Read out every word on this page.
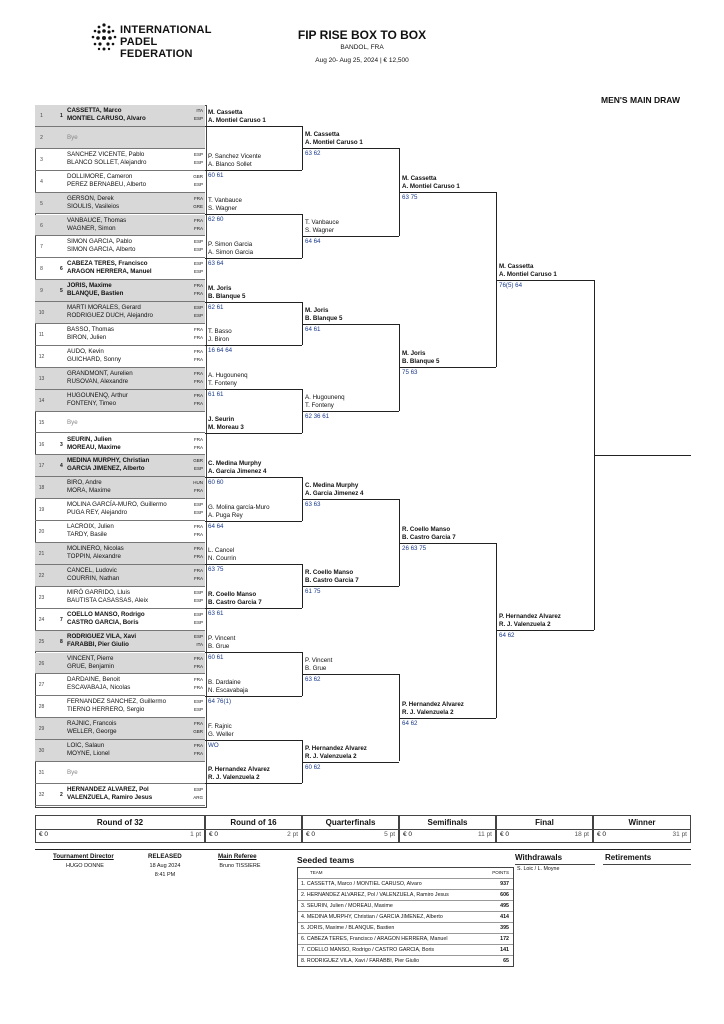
INTERNATIONAL
PADEL
FEDERATION
FIP RISE BOX TO BOX
BANDOL, FRA
Aug 20- Aug 25, 2024 | € 12,500
MEN'S MAIN DRAW
1	1
CASSETTA, Marco
MONTIEL CARUSO, Alvaro
ITA
ESP
2	Bye
3
SANCHEZ VICENTE, Pablo
BLANCO SOLLET, Alejandro
ESP
ESP
4
DOLLIMORE, Cameron
PEREZ BERNABEU, Alberto
GBR
ESP
5
GERSON, Derek
SIOULIS, Vasileios
FRA
GRE
6
VANBAUCE, Thomas
WAGNER, Simon
FRA
FRA
7
SIMON GARCIA, Pablo
SIMON GARCIA, Alberto
ESP
ESP
8	6
CABEZA TERES, Francisco
ARAGON HERRERA, Manuel
ESP
ESP
9	5
JORIS, Maxime
BLANQUE, Bastien
FRA
FRA
10
MARTI MORALES, Gerard
RODRIGUEZ DUCH, Alejandro
ESP
ESP
11
BASSO, Thomas
BIRON, Julien
FRA
FRA
12
AUDO, Kevin
GUICHARD, Sonny
FRA
FRA
13
GRANDMONT, Aurelien
RUSOVAN, Alexandre
FRA
FRA
14
HUGOUNENQ, Arthur
FONTENY, Timeo
FRA
FRA
15	Bye
16	3
SEURIN, Julien
MOREAU, Maxime
FRA
FRA
17	4
MEDINA MURPHY, Christian
GARCIA JIMENEZ, Alberto
GBR
ESP
18
BIRO, Andre
MORA, Maxime
HUN
FRA
19
MOLINA GARCÍA-MURO, Guillermo
PUGA REY, Alejandro
ESP
ESP
20
LACROIX, Julien
TARDY, Basile
FRA
FRA
21
MOLINERO, Nicolas
TOPPIN, Alexandre
FRA
FRA
22
CANCEL, Ludovic
COURRIN, Nathan
FRA
FRA
23
MIRÓ GARRIDO, Lluis
BAUTISTA CASASSAS, Aleix
ESP
ESP
24	7
COELLO MANSO, Rodrigo
CASTRO GARCIA, Boris
ESP
ESP
25	8
RODRIGUEZ VILA, Xavi
FARABBI, Pier Giulio
ESP
ITA
26
VINCENT, Pierre
GRUE, Benjamin
FRA
FRA
27
DARDAINE, Benoit
ESCAVABAJA, Nicolas
FRA
FRA
28
FERNANDEZ SANCHEZ, Guillermo
TIERNO HERRERO, Sergio
ESP
ESP
29
RAJNIC, Francois
WELLER, George
FRA
GBR
30
LOIC, Salaun
MOYNE, Lionel
FRA
FRA
31	Bye
32	2
HERNANDEZ ALVAREZ, Pol
VALENZUELA, Ramiro Jesus
ESP
ARG
M. Cassetta
A. Montiel Caruso 1
P. Sanchez Vicente
A. Blanco Sollet
60 61
T. Vanbauce
S. Wagner
62 60
P. Simon Garcia
A. Simon Garcia
63 64
M. Joris
B. Blanque 5
62 61
T. Basso
J. Biron
16 64 64
A. Hugounenq
T. Fonteny
61 61
J. Seurin
M. Moreau 3
C. Medina Murphy
A. Garcia Jimenez 4
60 60
G. Molina garcía-Muro
A. Puga Rey
64 64
L. Cancel
N. Courrin
63 75
R. Coello Manso
B. Castro Garcia 7
63 61
P. Vincent
B. Grue
60 61
B. Dardaine
N. Escavabaja
64 76(1)
F. Rajnic
G. Weller
WO
P. Hernandez Alvarez
R. J. Valenzuela 2
M. Cassetta
A. Montiel Caruso 1
63 62
T. Vanbauce
S. Wagner
64 64
M. Joris
B. Blanque 5
64 61
A. Hugounenq
T. Fonteny
62 36 61
C. Medina Murphy
A. Garcia Jimenez 4
63 63
R. Coello Manso
B. Castro Garcia 7
61 75
P. Vincent
B. Grue
63 62
P. Hernandez Alvarez
R. J. Valenzuela 2
60 62
M. Cassetta
A. Montiel Caruso 1
63 75
M. Joris
B. Blanque 5
75 63
R. Coello Manso
B. Castro Garcia 7
26 63 75
P. Hernandez Alvarez
R. J. Valenzuela 2
64 62
M. Cassetta
A. Montiel Caruso 1
76(5) 64
P. Hernandez Alvarez
R. J. Valenzuela 2
64 62
Round of 32
€ 0	1 pt
Round of 16
€ 0	2 pt
Quarterfinals
€ 0	5 pt
Semifinals
€ 0	11 pt
Final
€ 0	18 pt
Winner
€ 0	31 pt
Tournament Director
HUGO DONNE
RELEASED
18 Aug 2024
8:41 PM
Main Referee
Bruno TISSIERE
Seeded teams
TEAM	POINTS
1. CASSETTA, Marco / MONTIEL CARUSO, Alvaro	937
2. HERNANDEZ ALVAREZ, Pol / VALENZUELA, Ramiro Jesus	606
3. SEURIN, Julien / MOREAU, Maxime	495
4. MEDINA MURPHY, Christian / GARCIA JIMENEZ, Alberto	414
5. JORIS, Maxime / BLANQUE, Bastien	395
6. CABEZA TERES, Francisco / ARAGON HERRERA, Manuel	172
7. COELLO MANSO, Rodrigo / CASTRO GARCIA, Boris	141
8. RODRIGUEZ VILA, Xavi / FARABBI, Pier Giulio	65
Withdrawals
S. Loic / L. Moyne
Retirements
